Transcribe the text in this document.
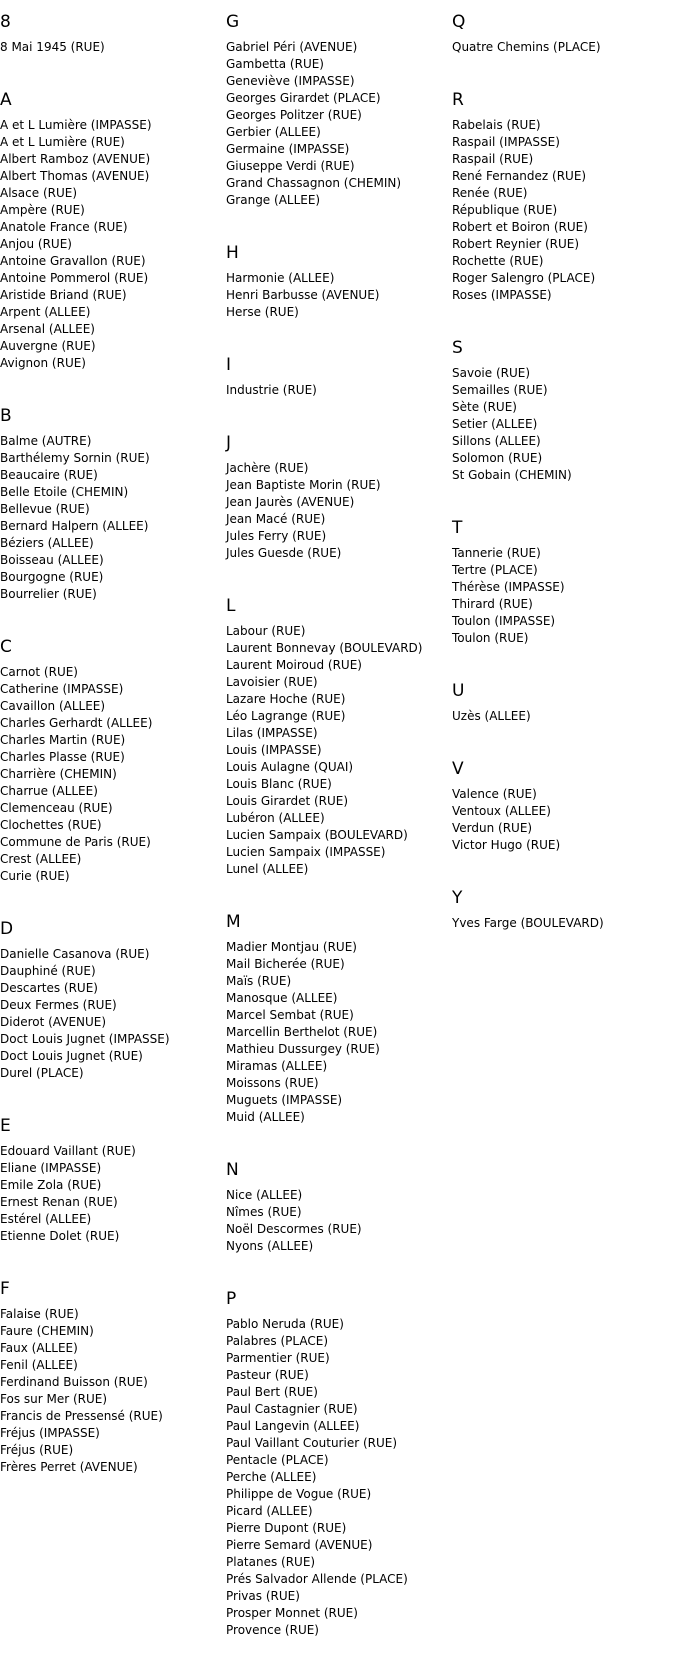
8
8 Mai 1945 (RUE)
A
A et L Lumière (IMPASSE)
A et L Lumière (RUE)
Albert Ramboz (AVENUE)
Albert Thomas (AVENUE)
Alsace (RUE)
Ampère (RUE)
Anatole France (RUE)
Anjou (RUE)
Antoine Gravallon (RUE)
Antoine Pommerol (RUE)
Aristide Briand (RUE)
Arpent (ALLEE)
Arsenal (ALLEE)
Auvergne (RUE)
Avignon (RUE)
B
Balme (AUTRE)
Barthélemy Sornin (RUE)
Beaucaire (RUE)
Belle Etoile (CHEMIN)
Bellevue (RUE)
Bernard Halpern (ALLEE)
Béziers (ALLEE)
Boisseau (ALLEE)
Bourgogne (RUE)
Bourrelier (RUE)
C
Carnot (RUE)
Catherine (IMPASSE)
Cavaillon (ALLEE)
Charles Gerhardt (ALLEE)
Charles Martin (RUE)
Charles Plasse (RUE)
Charrière (CHEMIN)
Charrue (ALLEE)
Clemenceau (RUE)
Clochettes (RUE)
Commune de Paris (RUE)
Crest (ALLEE)
Curie (RUE)
D
Danielle Casanova (RUE)
Dauphiné (RUE)
Descartes (RUE)
Deux Fermes (RUE)
Diderot (AVENUE)
Doct Louis Jugnet (IMPASSE)
Doct Louis Jugnet (RUE)
Durel (PLACE)
E
Edouard Vaillant (RUE)
Eliane (IMPASSE)
Emile Zola (RUE)
Ernest Renan (RUE)
Estérel (ALLEE)
Etienne Dolet (RUE)
F
Falaise (RUE)
Faure (CHEMIN)
Faux (ALLEE)
Fenil (ALLEE)
Ferdinand Buisson (RUE)
Fos sur Mer (RUE)
Francis de Pressensé (RUE)
Fréjus (IMPASSE)
Fréjus (RUE)
Frères Perret (AVENUE)
G
Gabriel Péri (AVENUE)
Gambetta (RUE)
Geneviève (IMPASSE)
Georges Girardet (PLACE)
Georges Politzer (RUE)
Gerbier (ALLEE)
Germaine (IMPASSE)
Giuseppe Verdi (RUE)
Grand Chassagnon (CHEMIN)
Grange (ALLEE)
H
Harmonie (ALLEE)
Henri Barbusse (AVENUE)
Herse (RUE)
I
Industrie (RUE)
J
Jachère (RUE)
Jean Baptiste Morin (RUE)
Jean Jaurès (AVENUE)
Jean Macé (RUE)
Jules Ferry (RUE)
Jules Guesde (RUE)
L
Labour (RUE)
Laurent Bonnevay (BOULEVARD)
Laurent Moiroud (RUE)
Lavoisier (RUE)
Lazare Hoche (RUE)
Léo Lagrange (RUE)
Lilas (IMPASSE)
Louis (IMPASSE)
Louis Aulagne (QUAI)
Louis Blanc (RUE)
Louis Girardet (RUE)
Lubéron (ALLEE)
Lucien Sampaix (BOULEVARD)
Lucien Sampaix (IMPASSE)
Lunel (ALLEE)
M
Madier Montjau (RUE)
Mail Bicherée (RUE)
Maïs (RUE)
Manosque (ALLEE)
Marcel Sembat (RUE)
Marcellin Berthelot (RUE)
Mathieu Dussurgey (RUE)
Miramas (ALLEE)
Moissons (RUE)
Muguets (IMPASSE)
Muid (ALLEE)
N
Nice (ALLEE)
Nîmes (RUE)
Noël Descormes (RUE)
Nyons (ALLEE)
P
Pablo Neruda (RUE)
Palabres (PLACE)
Parmentier (RUE)
Pasteur (RUE)
Paul Bert (RUE)
Paul Castagnier (RUE)
Paul Langevin (ALLEE)
Paul Vaillant Couturier (RUE)
Pentacle (PLACE)
Perche (ALLEE)
Philippe de Vogue (RUE)
Picard (ALLEE)
Pierre Dupont (RUE)
Pierre Semard (AVENUE)
Platanes (RUE)
Prés Salvador Allende (PLACE)
Privas (RUE)
Prosper Monnet (RUE)
Provence (RUE)
Q
Quatre Chemins (PLACE)
R
Rabelais (RUE)
Raspail (IMPASSE)
Raspail (RUE)
René Fernandez (RUE)
Renée (RUE)
République (RUE)
Robert et Boiron (RUE)
Robert Reynier (RUE)
Rochette (RUE)
Roger Salengro (PLACE)
Roses (IMPASSE)
S
Savoie (RUE)
Semailles (RUE)
Sète (RUE)
Setier (ALLEE)
Sillons (ALLEE)
Solomon (RUE)
St Gobain (CHEMIN)
T
Tannerie (RUE)
Tertre (PLACE)
Thérèse (IMPASSE)
Thirard (RUE)
Toulon (IMPASSE)
Toulon (RUE)
U
Uzès (ALLEE)
V
Valence (RUE)
Ventoux (ALLEE)
Verdun (RUE)
Victor Hugo (RUE)
Y
Yves Farge (BOULEVARD)
